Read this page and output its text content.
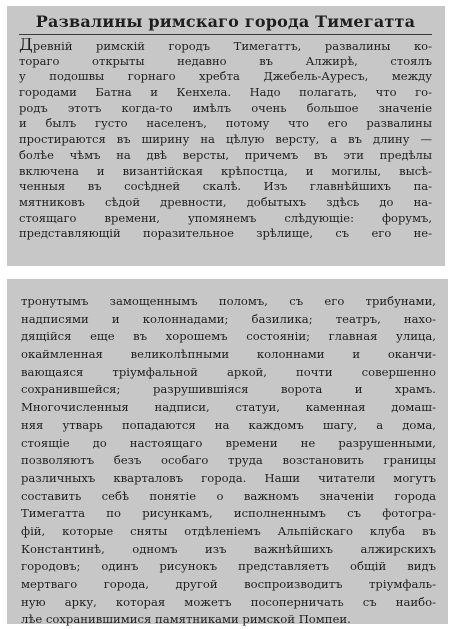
Развалины римскаго города Тимегатта
Древній римскій городъ Тимегаттъ, развалины ко-
тораго открыты недавно въ Алжирѣ, стоялъ
у подошвы горнаго хребта Джебель-Ауресъ, между
городами Батна и Кенхела. Надо полагать, что го-
родъ этотъ когда-то имѣлъ очень большое значеніе
и былъ густо населенъ, потому что его развалины
простираются въ ширину на цѣлую версту, а въ длину —
болѣе чѣмъ на двѣ версты, причемъ въ эти предѣлы
включена и византійская крѣпостца, и могилы, высѣ-
ченныя въ сосѣдней скалѣ. Изъ главнѣйшихъ па-
мятниковъ сѣдой древности, добытыхъ здѣсь до на-
стоящаго времени, упомянемъ слѣдующіе: форумъ,
представляющій поразительное зрѣлище, съ его не-
тронутымъ замощеннымъ поломъ, съ его трибунами,
надписями и колоннадами; базилика; театръ, нахо-
дящійся еще въ хорошемъ состояніи; главная улица,
окаймленная великолѣпными колоннами и оканчи-
вающаяся тріумфальной аркой, почти совершенно
сохранившейся; разрушившіяся ворота и храмъ.
Многочисленныя надписи, статуи, каменная домаш-
няя утварь попадаются на каждомъ шагу, а дома,
стоящіе до настоящаго времени не разрушенными,
позволяютъ безъ особаго труда возстановить границы
различныхъ кварталовъ города. Наши читатели могутъ
составить себѣ понятіе о важномъ значеніи города
Тимегатта по рисункамъ, исполненнымъ съ фотогра-
фій, которые сняты отдѣленіемъ Альпійскаго клуба въ
Константинѣ, одномъ изъ важнѣйшихъ алжирскихъ
городовъ; одинъ рисунокъ представляетъ общій видъ
мертваго города, другой воспроизводитъ тріумфаль-
ную арку, которая можетъ посоперничать съ наибо-
лѣе сохранившимися памятниками римской Помпеи.
